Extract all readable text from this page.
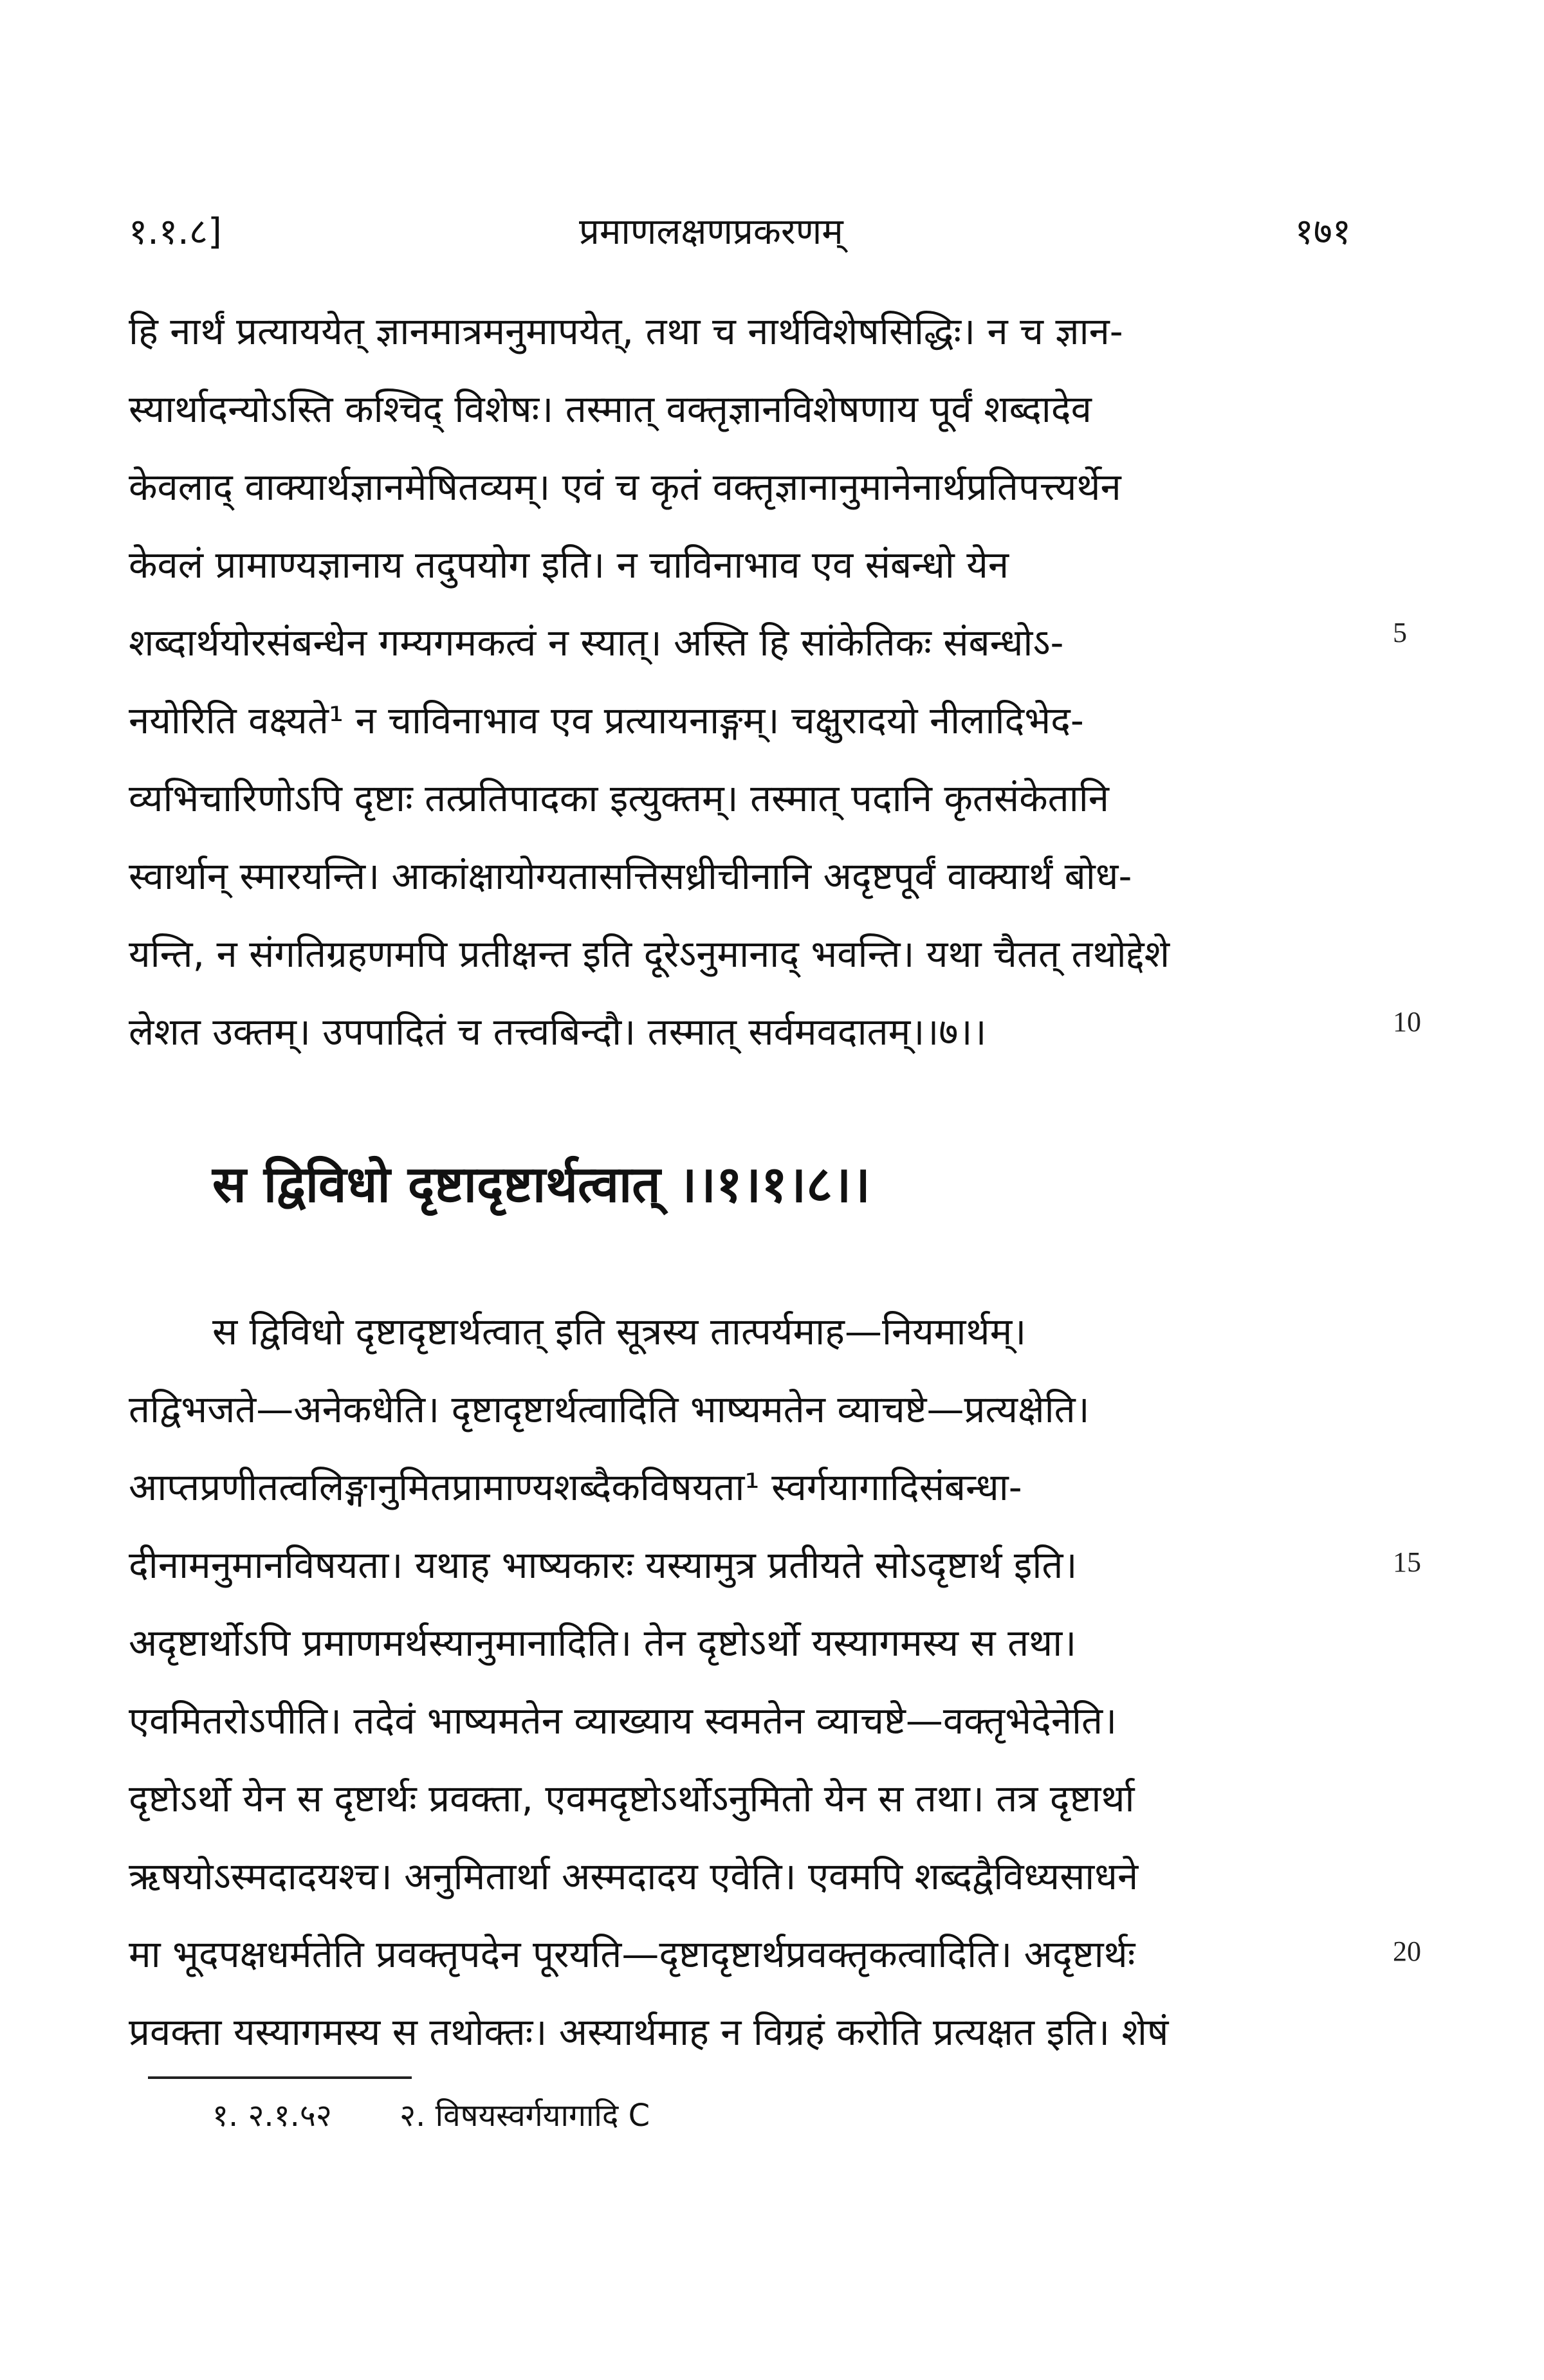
१.१.८]	प्रमाणलक्षणप्रकरणम्	१७१
हि नार्थं प्रत्याययेत् ज्ञानमात्रमनुमापयेत्, तथा च नार्थविशेषसिद्धिः। न च ज्ञान-
स्यार्थादन्योऽस्ति कश्चिद् विशेषः। तस्मात् वक्तृज्ञानविशेषणाय पूर्वं शब्दादेव
केवलाद् वाक्यार्थज्ञानमेषितव्यम्। एवं च कृतं वक्तृज्ञानानुमानेनार्थप्रतिपत्त्यर्थेन
केवलं प्रामाण्यज्ञानाय तदुपयोग इति। न चाविनाभाव एव संबन्धो येन
शब्दार्थयोरसंबन्धेन गम्यगमकत्वं न स्यात्। अस्ति हि सांकेतिकः संबन्धोऽ-
नयोरिति वक्ष्यते¹ न चाविनाभाव एव प्रत्यायनाङ्गम्। चक्षुरादयो नीलादिभेद-
व्यभिचारिणोऽपि दृष्टाः तत्प्रतिपादका इत्युक्तम्। तस्मात् पदानि कृतसंकेतानि
स्वार्थान् स्मारयन्ति। आकांक्षायोग्यतासत्तिसध्रीचीनानि अदृष्टपूर्वं वाक्यार्थं बोध-
यन्ति, न संगतिग्रहणमपि प्रतीक्षन्त इति दूरेऽनुमानाद् भवन्ति। यथा चैतत् तथोद्देशे
लेशत उक्तम्। उपपादितं च तत्त्वबिन्दौ। तस्मात् सर्वमवदातम्।।७।।
5
10
स द्विविधो दृष्टादृष्टार्थत्वात् ।।१।१।८।।
स द्विविधो दृष्टादृष्टार्थत्वात् इति सूत्रस्य तात्पर्यमाह—नियमार्थम्।
तद्विभजते—अनेकधेति। दृष्टादृष्टार्थत्वादिति भाष्यमतेन व्याचष्टे—प्रत्यक्षेति।
आप्तप्रणीतत्वलिङ्गानुमितप्रामाण्यशब्दैकविषयता¹ स्वर्गयागादिसंबन्धा-
दीनामनुमानविषयता। यथाह भाष्यकारः यस्यामुत्र प्रतीयते सोऽदृष्टार्थ इति।
अदृष्टार्थोऽपि प्रमाणमर्थस्यानुमानादिति। तेन दृष्टोऽर्थो यस्यागमस्य स तथा।
एवमितरोऽपीति। तदेवं भाष्यमतेन व्याख्याय स्वमतेन व्याचष्टे—वक्तृभेदेनेति।
दृष्टोऽर्थो येन स दृष्टार्थः प्रवक्ता, एवमदृष्टोऽर्थोऽनुमितो येन स तथा। तत्र दृष्टार्था
ऋषयोऽस्मदादयश्च। अनुमितार्था अस्मदादय एवेति। एवमपि शब्दद्वैविध्यसाधने
मा भूदपक्षधर्मतेति प्रवक्तृपदेन पूरयति—दृष्टादृष्टार्थप्रवक्तृकत्वादिति। अदृष्टार्थः
प्रवक्ता यस्यागमस्य स तथोक्तः। अस्यार्थमाह न विग्रहं करोति प्रत्यक्षत इति। शेषं
15
20
१. २.१.५२ २. विषयस्वर्गयागादि C
